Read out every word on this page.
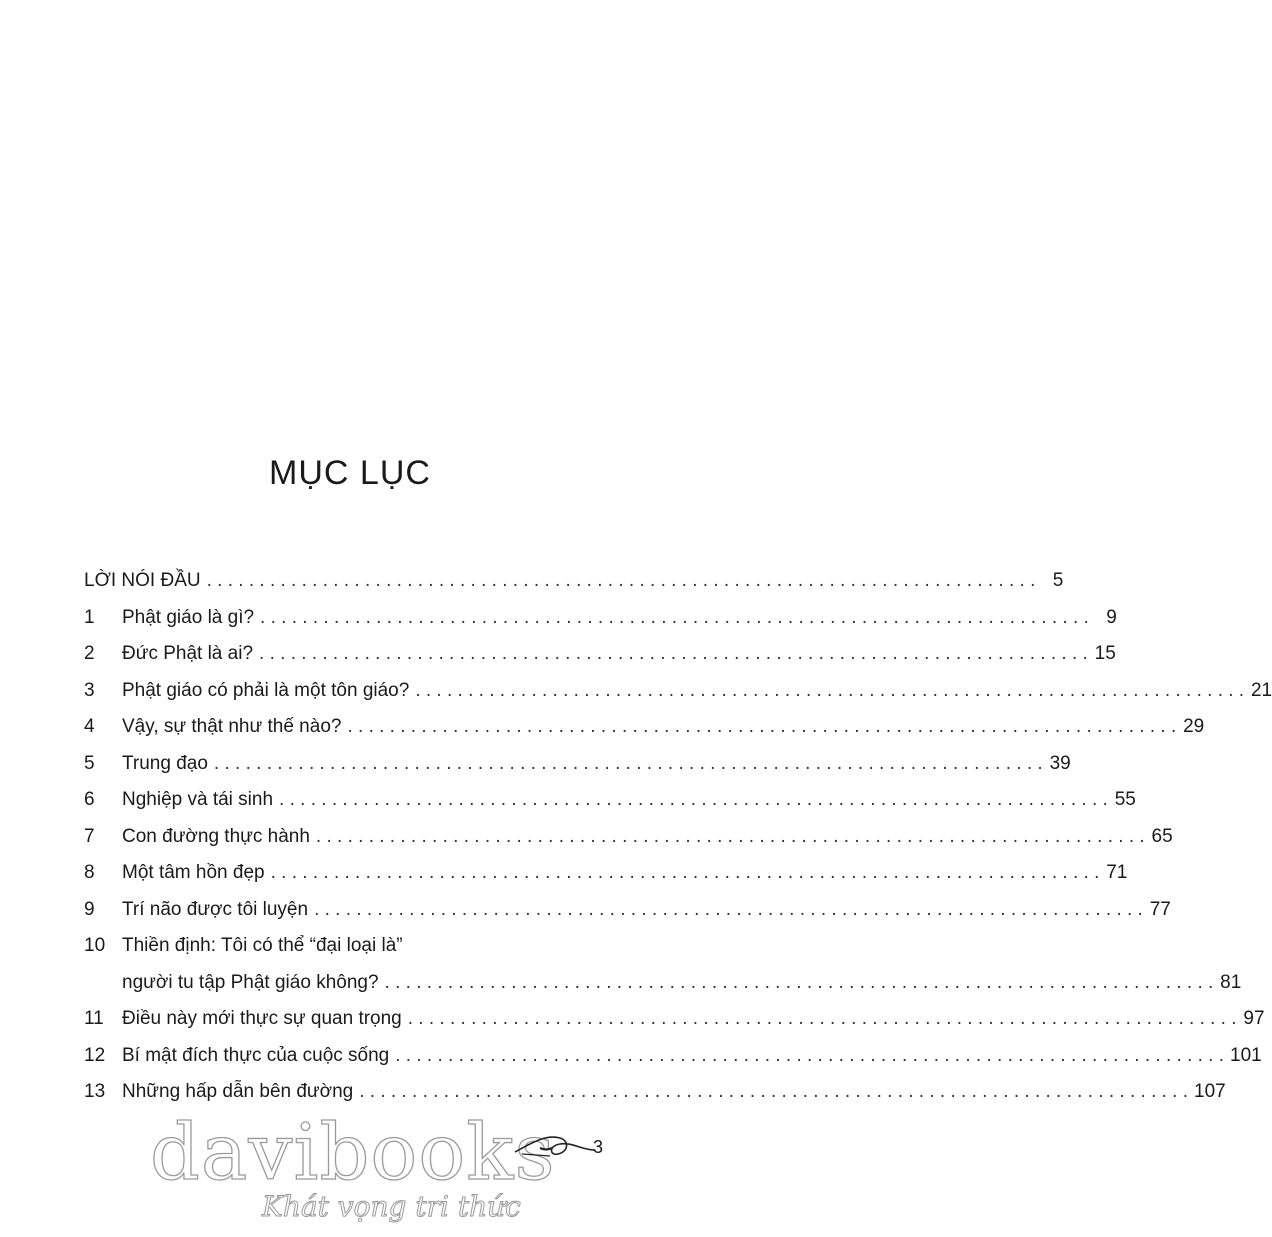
MỤC LỤC
LỜI NÓI ĐẦU . . .	5
1	Phật giáo là gì? . . .	9
2	Đức Phật là ai? . . .	15
3	Phật giáo có phải là một tôn giáo? . . .	21
4	Vậy, sự thật như thế nào? . . .	29
5	Trung đạo . . .	39
6	Nghiệp và tái sinh . . .	55
7	Con đường thực hành . . .	65
8	Một tâm hồn đẹp . . .	71
9	Trí não được tôi luyện . . .	77
10 Thiền định: Tôi có thể “đại loại là”
người tu tập Phật giáo không? . . .	81
11 Điều này mới thực sự quan trọng . . .	97
12 Bí mật đích thực của cuộc sống . . .	101
13 Những hấp dẫn bên đường . . .	107
davibooks
Khát vọng tri thức
3
